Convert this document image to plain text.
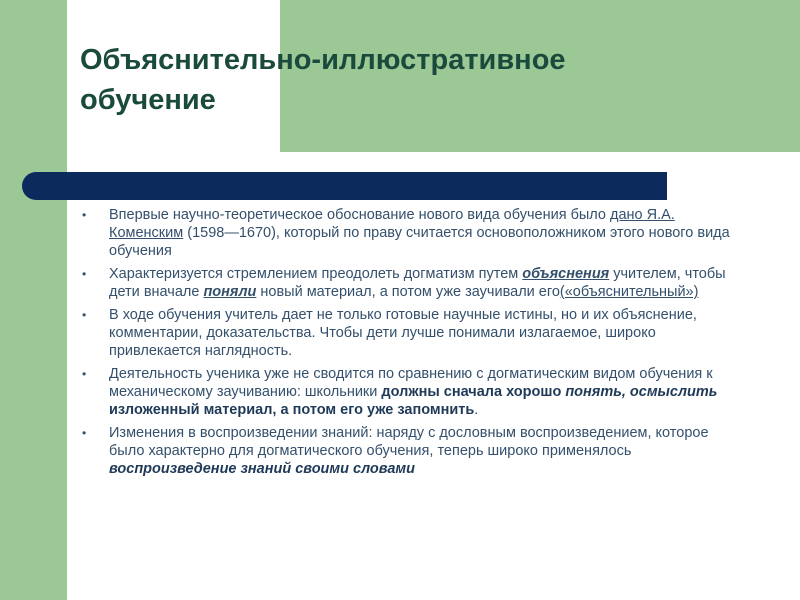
Объяснительно-иллюстративное
обучение
• Впервые научно-теоретическое обоснование нового вида обучения было дано Я.А. Коменским (1598—1670), который по праву считается основоположником этого нового вида обучения
• Характеризуется стремлением преодолеть догматизм путем объяснения учителем, чтобы дети вначале поняли новый материал, а потом уже заучивали его(«объяснительный»)
• В ходе обучения учитель дает не только готовые научные истины, но и их объяснение, комментарии, доказательства. Чтобы дети лучше понимали излагаемое, широко привлекается наглядность.
• Деятельность ученика уже не сводится по сравнению с догматическим видом обучения к механическому заучиванию: школьники должны сначала хорошо понять, осмыслить изложенный материал, а потом его уже запомнить.
• Изменения в воспроизведении знаний: наряду с дословным воспроизведением, которое было характерно для догматического обучения, теперь широко применялось воспроизведение знаний своими словами
